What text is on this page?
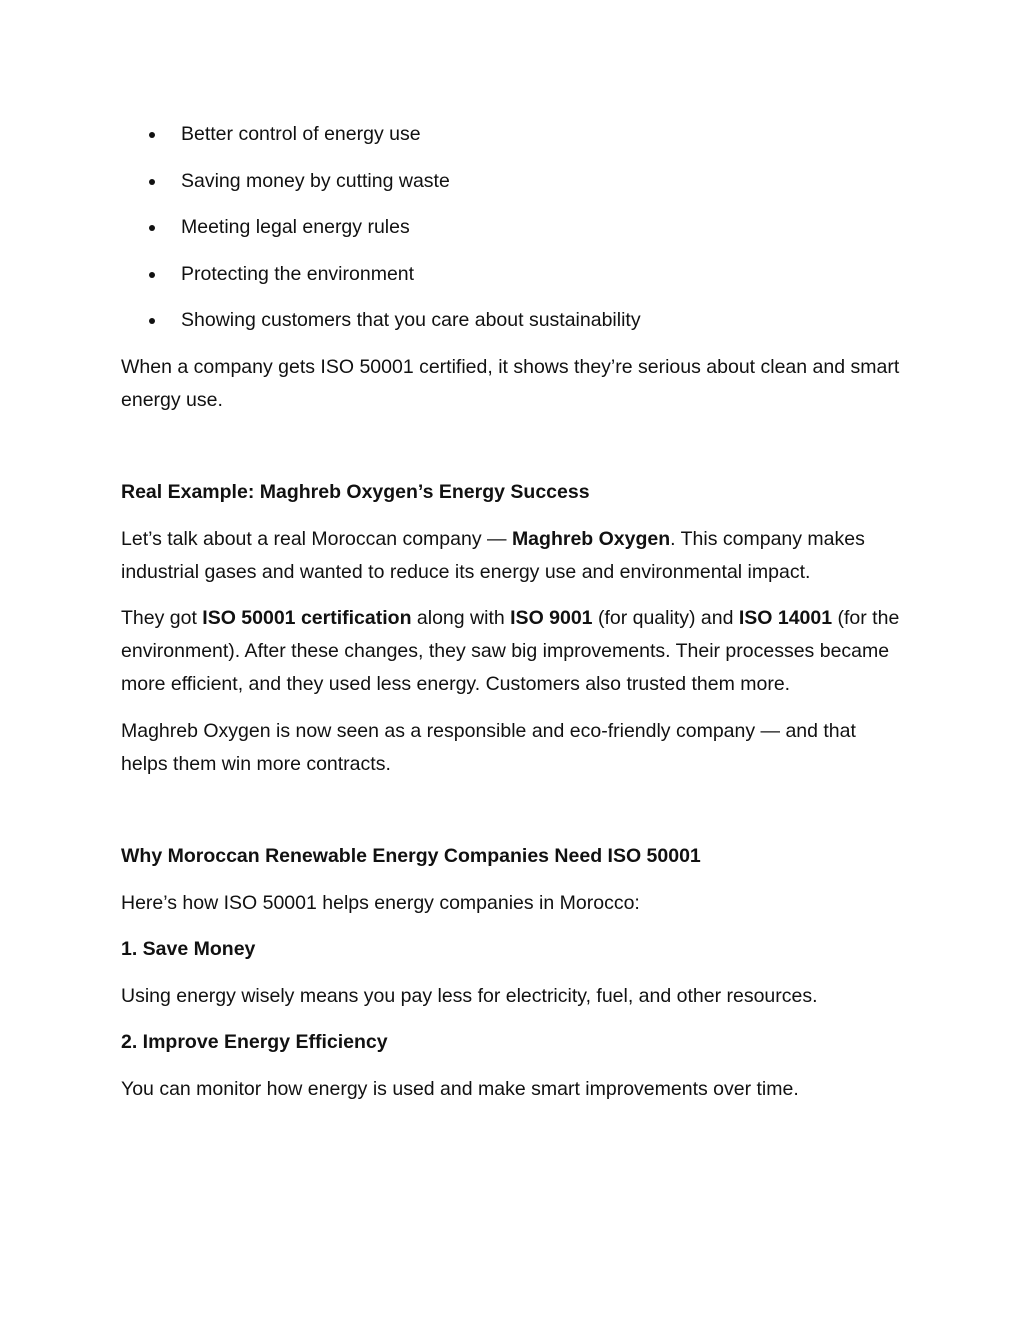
Better control of energy use
Saving money by cutting waste
Meeting legal energy rules
Protecting the environment
Showing customers that you care about sustainability

When a company gets ISO 50001 certified, it shows they’re serious about clean and smart energy use.

Real Example: Maghreb Oxygen’s Energy Success

Let’s talk about a real Moroccan company — Maghreb Oxygen. This company makes industrial gases and wanted to reduce its energy use and environmental impact.

They got ISO 50001 certification along with ISO 9001 (for quality) and ISO 14001 (for the environment). After these changes, they saw big improvements. Their processes became more efficient, and they used less energy. Customers also trusted them more.

Maghreb Oxygen is now seen as a responsible and eco-friendly company — and that helps them win more contracts.

Why Moroccan Renewable Energy Companies Need ISO 50001

Here’s how ISO 50001 helps energy companies in Morocco:

1. Save Money

Using energy wisely means you pay less for electricity, fuel, and other resources.

2. Improve Energy Efficiency

You can monitor how energy is used and make smart improvements over time.
